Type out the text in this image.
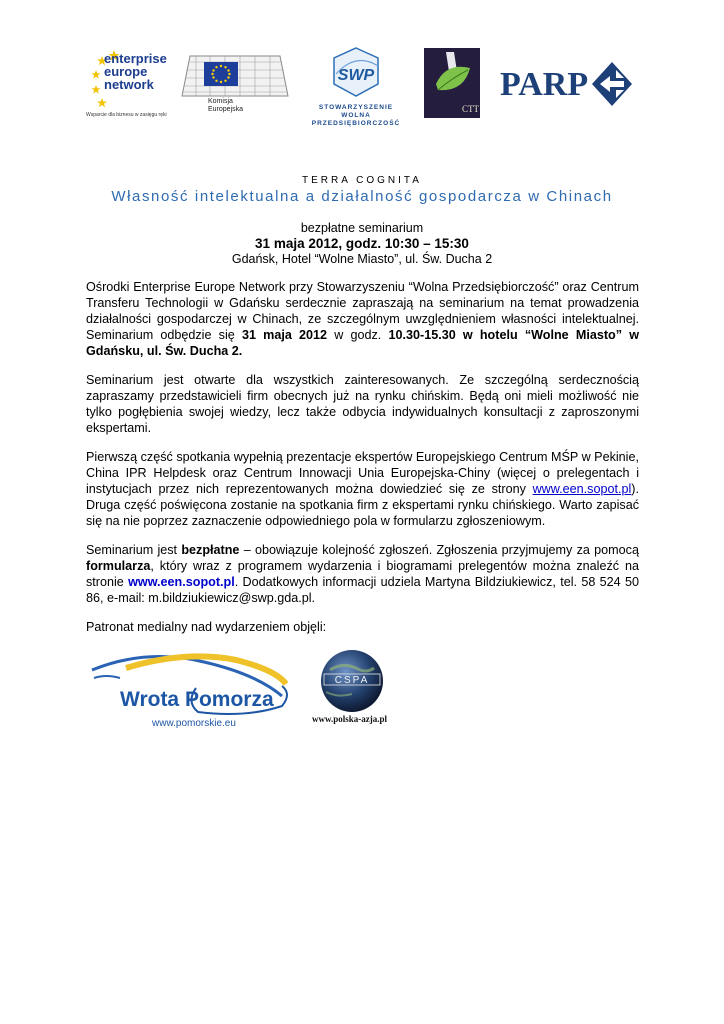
enterprise
europe
network
Wsparcie dla biznesu w zasięgu ręki
Komisja
Europejska
SWP
STOWARZYSZENIE
WOLNA PRZEDSIĘBIORCZOŚĆ
CTT
PARP
TERRA COGNITA
Własność intelektualna a działalność gospodarcza w Chinach
bezpłatne seminarium
31 maja 2012, godz. 10:30 – 15:30
Gdańsk, Hotel “Wolne Miasto”, ul. Św. Ducha 2
Ośrodki Enterprise Europe Network przy Stowarzyszeniu “Wolna Przedsiębiorczość” oraz Centrum Transferu Technologii w Gdańsku serdecznie zapraszają na seminarium na temat prowadzenia działalności gospodarczej w Chinach, ze szczególnym uwzględnieniem własności intelektualnej. Seminarium odbędzie się 31 maja 2012 w godz. 10.30-15.30 w hotelu “Wolne Miasto” w Gdańsku, ul. Św. Ducha 2.
Seminarium jest otwarte dla wszystkich zainteresowanych. Ze szczególną serdecznością zapraszamy przedstawicieli firm obecnych już na rynku chińskim. Będą oni mieli możliwość nie tylko pogłębienia swojej wiedzy, lecz także odbycia indywidualnych konsultacji z zaproszonymi ekspertami.
Pierwszą część spotkania wypełnią prezentacje ekspertów Europejskiego Centrum MŚP w Pekinie, China IPR Helpdesk oraz Centrum Innowacji Unia Europejska-Chiny (więcej o prelegentach i instytucjach przez nich reprezentowanych można dowiedzieć się ze strony www.een.sopot.pl). Druga część poświęcona zostanie na spotkania firm z ekspertami rynku chińskiego. Warto zapisać się na nie poprzez zaznaczenie odpowiedniego pola w formularzu zgłoszeniowym.
Seminarium jest bezpłatne – obowiązuje kolejność zgłoszeń. Zgłoszenia przyjmujemy za pomocą formularza, który wraz z programem wydarzenia i biogramami prelegentów można znaleźć na stronie www.een.sopot.pl. Dodatkowych informacji udziela Martyna Bildziukiewicz, tel. 58 524 50 86, e-mail: m.bildziukiewicz@swp.gda.pl.
Patronat medialny nad wydarzeniem objęli:
Wrota Pomorza
www.pomorskie.eu
CSPA
www.polska-azja.pl
